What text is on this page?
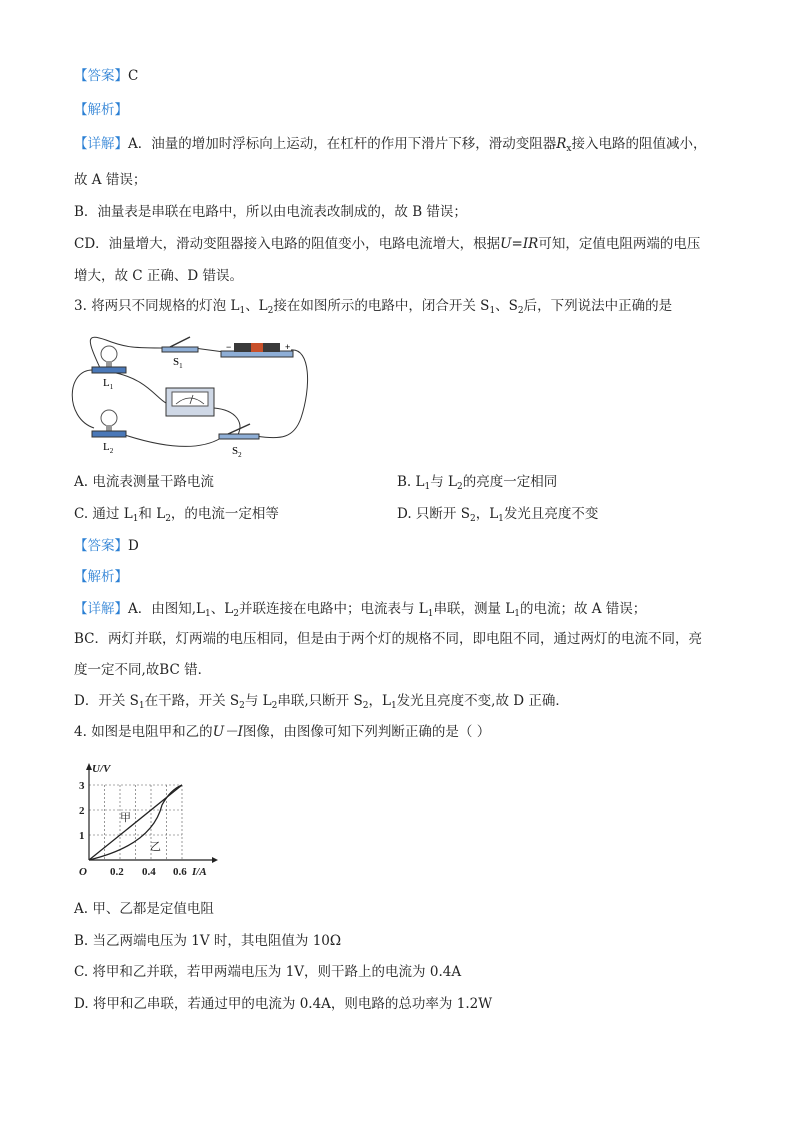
【答案】C
【解析】
【详解】A．油量的增加时浮标向上运动，在杠杆的作用下滑片下移，滑动变阻器$R_x$接入电路的阻值减小，
故 A 错误；
B．油量表是串联在电路中，所以由电流表改制成的，故 B 错误；
CD．油量增大，滑动变阻器接入电路的阻值变小，电路电流增大，根据U=IR可知，定值电阻两端的电压
增大，故 C 正确、D 错误。
3. 将两只不同规格的灯泡 $L_1$、$L_2$接在如图所示的电路中，闭合开关 $S_1$、$S_2$后，下列说法中正确的是
$L_1$
$L_2$
$S_1$
−	+
$S_2$
A. 电流表测量干路电流	B. $L_1$与 $L_2$的亮度一定相同
C. 通过 $L_1$和 $L_2$，的电流一定相等	D. 只断开 $S_2$，$L_1$发光且亮度不变
【答案】D
【解析】
【详解】A．由图知$,L_1$、$L_2$并联连接在电路中；电流表与 $L_1$串联，测量 $L_1$的电流；故 A 错误；
BC．两灯并联，灯两端的电压相同，但是由于两个灯的规格不同，即电阻不同，通过两灯的电流不同，亮
度一定不同,故BC 错．
D．开关 $S_1$在干路，开关 $S_2$与 $L_2$串联,只断开 $S_2$，$L_1$发光且亮度不变,故 D 正确．
4. 如图是电阻甲和乙的U－I图像，由图像可知下列判断正确的是（ ）
U/V
I/A
O
1
2
3
0.2 0.4 0.6
甲
乙
A. 甲、乙都是定值电阻
B. 当乙两端电压为 1V 时，其电阻值为 10Ω
C. 将甲和乙并联，若甲两端电压为 1V，则干路上的电流为 0.4A
D. 将甲和乙串联，若通过甲的电流为 0.4A，则电路的总功率为 1.2W
